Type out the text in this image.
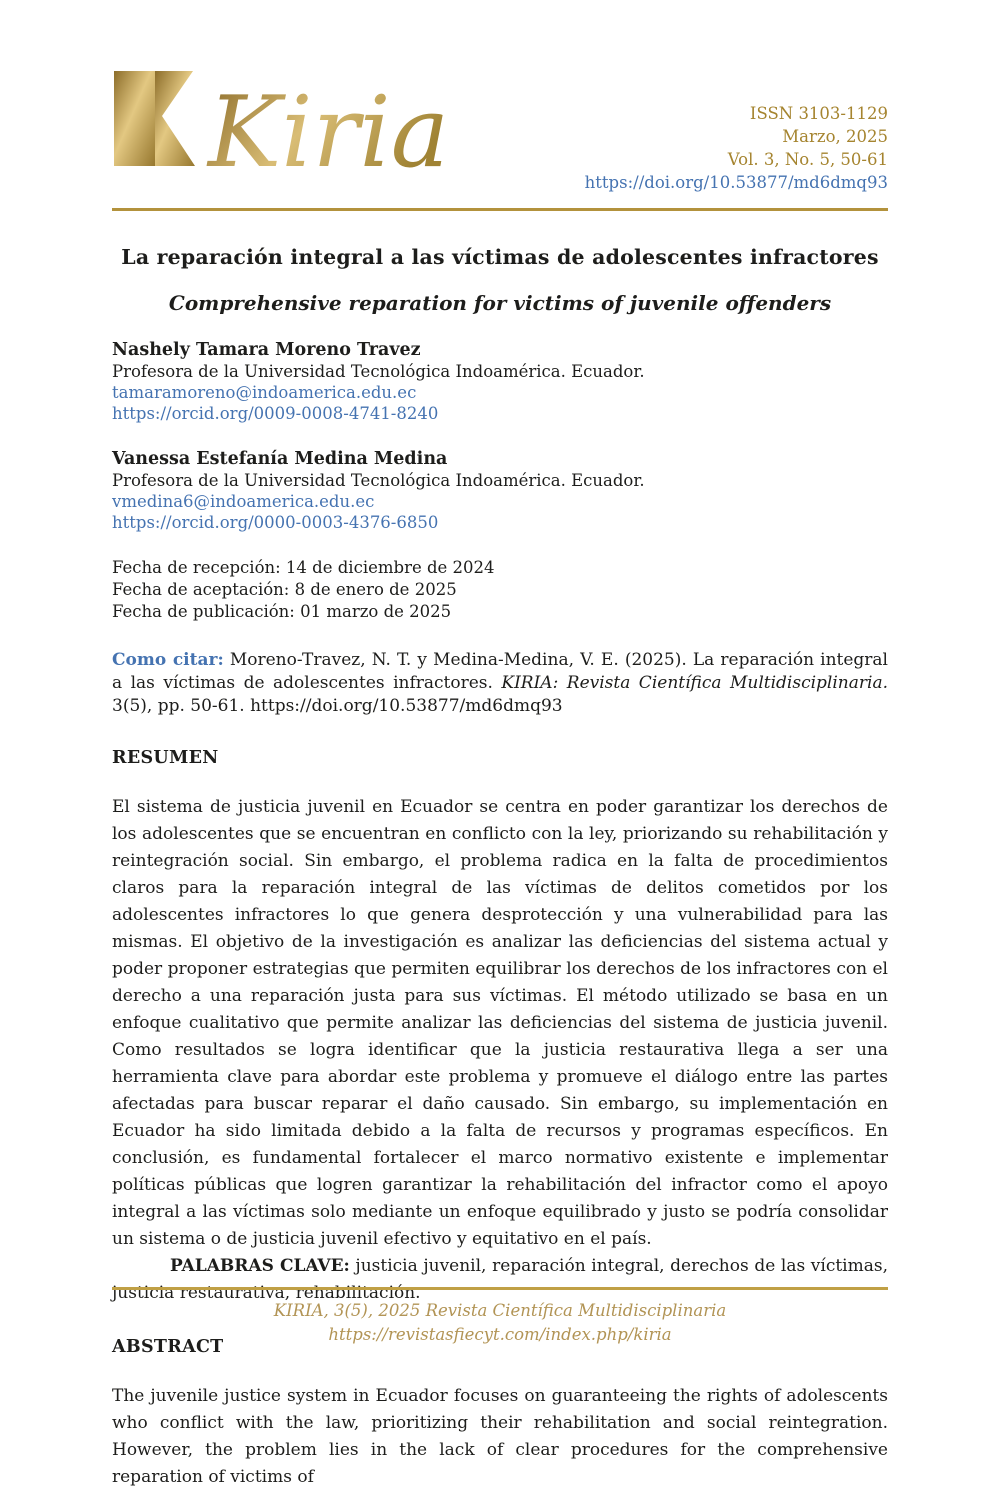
Kiria	ISSN 3103-1129
Marzo, 2025
Vol. 3, No. 5, 50-61
https://doi.org/10.53877/md6dmq93
La reparación integral a las víctimas de adolescentes infractores
Comprehensive reparation for victims of juvenile offenders
Nashely Tamara Moreno Travez
Profesora de la Universidad Tecnológica Indoamérica. Ecuador.
tamaramoreno@indoamerica.edu.ec
https://orcid.org/0009-0008-4741-8240
Vanessa Estefanía Medina Medina
Profesora de la Universidad Tecnológica Indoamérica. Ecuador.
vmedina6@indoamerica.edu.ec
https://orcid.org/0000-0003-4376-6850
Fecha de recepción: 14 de diciembre de 2024
Fecha de aceptación: 8 de enero de 2025
Fecha de publicación: 01 marzo de 2025

Como citar: Moreno-Travez, N. T. y Medina-Medina, V. E. (2025). La reparación integral a las víctimas de adolescentes infractores. KIRIA: Revista Científica Multidisciplinaria. 3(5), pp. 50-61. https://doi.org/10.53877/md6dmq93

RESUMEN

El sistema de justicia juvenil en Ecuador se centra en poder garantizar los derechos de los adolescentes que se encuentran en conflicto con la ley, priorizando su rehabilitación y reintegración social. Sin embargo, el problema radica en la falta de procedimientos claros para la reparación integral de las víctimas de delitos cometidos por los adolescentes infractores lo que genera desprotección y una vulnerabilidad para las mismas. El objetivo de la investigación es analizar las deficiencias del sistema actual y poder proponer estrategias que permiten equilibrar los derechos de los infractores con el derecho a una reparación justa para sus víctimas. El método utilizado se basa en un enfoque cualitativo que permite analizar las deficiencias del sistema de justicia juvenil. Como resultados se logra identificar que la justicia restaurativa llega a ser una herramienta clave para abordar este problema y promueve el diálogo entre las partes afectadas para buscar reparar el daño causado. Sin embargo, su implementación en Ecuador ha sido limitada debido a la falta de recursos y programas específicos. En conclusión, es fundamental fortalecer el marco normativo existente e implementar políticas públicas que logren garantizar la rehabilitación del infractor como el apoyo integral a las víctimas solo mediante un enfoque equilibrado y justo se podría consolidar un sistema o de justicia juvenil efectivo y equitativo en el país.

PALABRAS CLAVE: justicia juvenil, reparación integral, derechos de las víctimas, justicia restaurativa, rehabilitación.

ABSTRACT

The juvenile justice system in Ecuador focuses on guaranteeing the rights of adolescents who conflict with the law, prioritizing their rehabilitation and social reintegration. However, the problem lies in the lack of clear procedures for the comprehensive reparation of victims of

KIRIA, 3(5), 2025 Revista Científica Multidisciplinaria
https://revistasfiecyt.com/index.php/kiria
